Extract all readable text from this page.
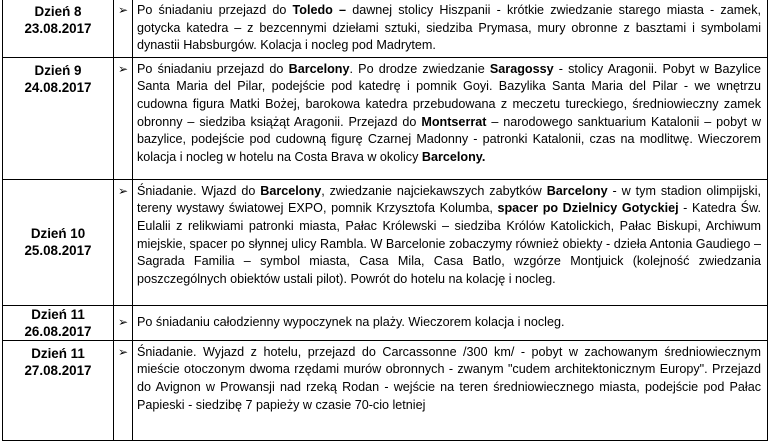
Dzień 8
23.08.2017	➢	Po śniadaniu przejazd do Toledo – dawnej stolicy Hiszpanii - krótkie zwiedzanie starego miasta - zamek, gotycka katedra – z bezcennymi dziełami sztuki, siedziba Prymasa, mury obronne z basztami i symbolami dynastii Habsburgów. Kolacja i nocleg pod Madrytem.

Dzień 9
24.08.2017	➢	Po śniadaniu przejazd do Barcelony. Po drodze zwiedzanie Saragossy - stolicy Aragonii. Pobyt w Bazylice Santa Maria del Pilar, podejście pod katedrę i pomnik Goyi. Bazylika Santa Maria del Pilar - we wnętrzu cudowna figura Matki Bożej, barokowa katedra przebudowana z meczetu tureckiego, średniowieczny zamek obronny – siedziba książąt Aragonii. Przejazd do Montserrat – narodowego sanktuarium Katalonii – pobyt w bazylice, podejście pod cudowną figurę Czarnej Madonny - patronki Katalonii, czas na modlitwę. Wieczorem kolacja i nocleg w hotelu na Costa Brava w okolicy Barcelony.

Dzień 10
25.08.2017	➢	Śniadanie. Wjazd do Barcelony, zwiedzanie najciekawszych zabytków Barcelony - w tym stadion olimpijski, tereny wystawy światowej EXPO, pomnik Krzysztofa Kolumba, spacer po Dzielnicy Gotyckiej - Katedra Św. Eulalii z relikwiami patronki miasta, Pałac Królewski – siedziba Królów Katolickich, Pałac Biskupi, Archiwum miejskie, spacer po słynnej ulicy Rambla. W Barcelonie zobaczymy również obiekty - dzieła Antonia Gaudiego – Sagrada Familia – symbol miasta, Casa Mila, Casa Batlo, wzgórze Montjuick (kolejność zwiedzania poszczególnych obiektów ustali pilot). Powrót do hotelu na kolację i nocleg.

Dzień 11
26.08.2017	➢	Po śniadaniu całodzienny wypoczynek na plaży. Wieczorem kolacja i nocleg.

Dzień 11
27.08.2017	➢	Śniadanie. Wyjazd z hotelu, przejazd do Carcassonne /300 km/ - pobyt w zachowanym średniowiecznym mieście otoczonym dwoma rzędami murów obronnych - zwanym "cudem architektonicznym Europy". Przejazd do Avignon w Prowansji nad rzeką Rodan - wejście na teren średniowiecznego miasta, podejście pod Pałac Papieski - siedzibę 7 papieży w czasie 70-cio letniej
